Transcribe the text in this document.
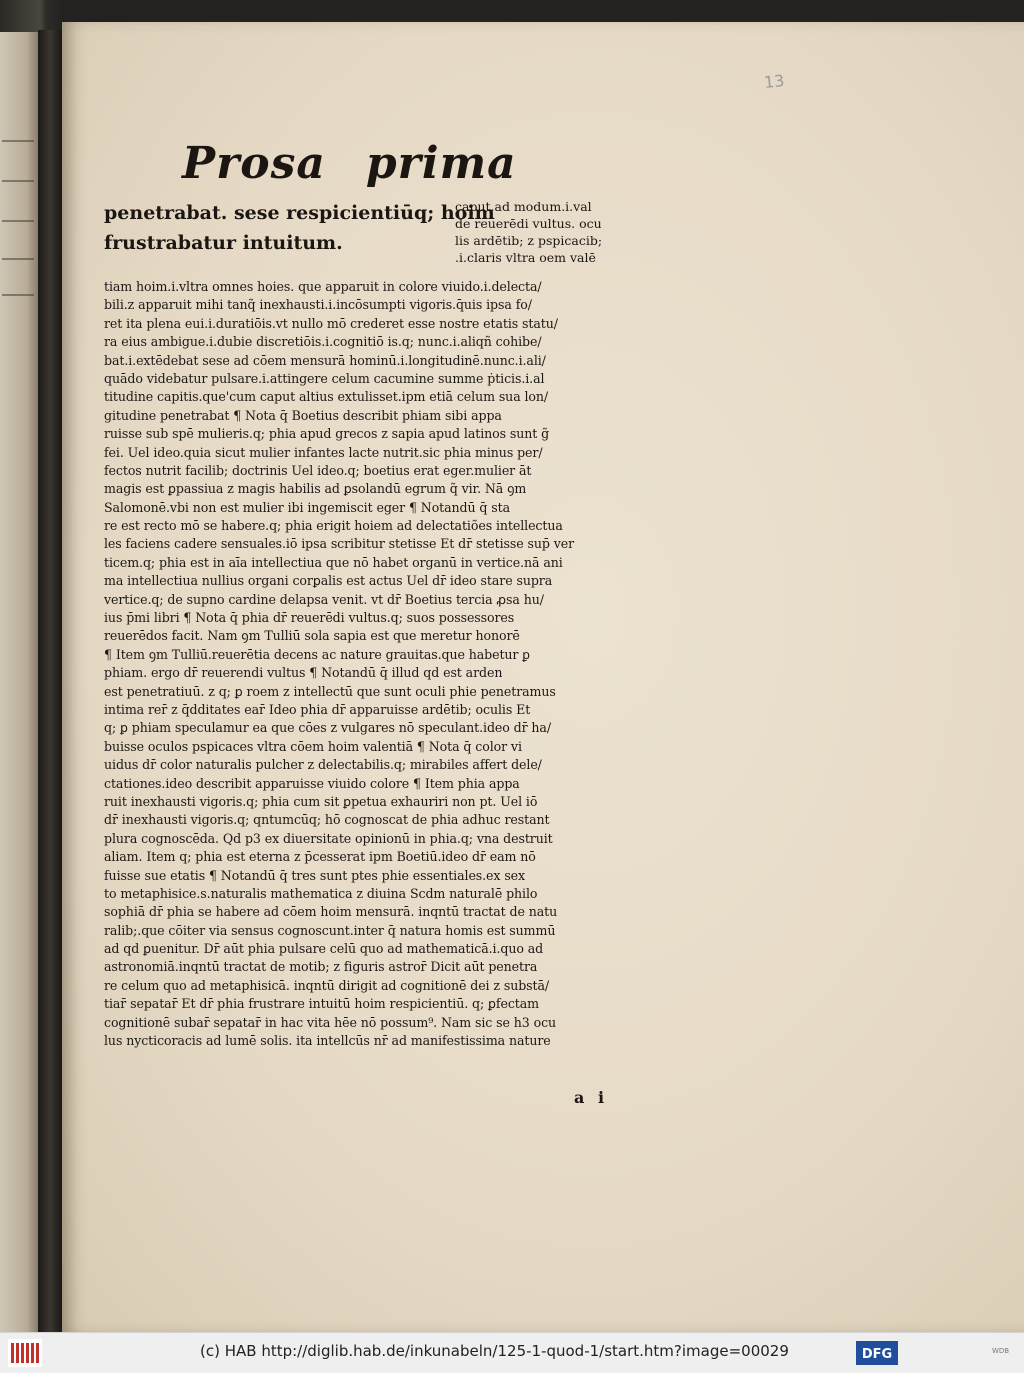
13
Prosa prima
penetrabat. sese respicientiūq; hoim
frustrabatur intuitum.
caput.ad modum.i.val
de reuerēdi vultus. ocu
lis ardētib; z pspicacib;
.i.claris vltra oem valē
tiam hoim.i.vltra omnes hoies. que apparuit in colore viuido.i.delecta/
bili.z apparuit mihi tanq̃ inexhausti.i.incōsumpti vigoris.q̄uis ipsa fo/
ret ita plena eui.i.duratiōis.vt nullo mō crederet esse nostre etatis statu/
ra eius ambigue.i.dubie discretiōis.i.cognitiō is.q; nunc.i.aliqñ cohibe/
bat.i.extēdebat sese ad cōem mensurā hominū.i.longitudinē.nunc.i.ali/
quādo videbatur pulsare.i.attingere celum cacumine summe ṗticis.i.al
titudine capitis.que'cum caput altius extulisset.ipm etiā celum sua lon/
gitudine penetrabat ¶ Nota q̄ Boetius describit phiam sibi appa
ruisse sub spē mulieris.q; phia apud grecos z sapia apud latinos sunt g̃
fei. Uel ideo.quia sicut mulier infantes lacte nutrit.sic phia minus per/
fectos nutrit facilib; doctrinis Uel ideo.q; boetius erat eger.mulier āt
magis est ꝑpassiua z magis habilis ad ꝑsolandū egrum q̃ vir. Nā ꝯm
Salomonē.vbi non est mulier ibi ingemiscit eger ¶ Notandū q̄ sta
re est recto mō se habere.q; phia erigit hoiem ad delectatiões intellectua
les faciens cadere sensuales.iō ipsa scribitur stetisse Et dr̄ stetisse sup̄ ver
ticem.q; phia est in aīa intellectiua que nō habet organū in vertice.nā ani
ma intellectiua nullius organi corꝑalis est actus Uel dr̄ ideo stare supra
vertice.q; de supno cardine delapsa venit. vt dr̄ Boetius tercia ꝓsa hu/
ius p̄mi libri ¶ Nota q̄ phia dr̄ reuerēdi vultus.q; suos possessores
reuerēdos facit. Nam ꝯm Tulliū sola sapia est que meretur honorē
¶ Item ꝯm Tulliū.reuerētia decens ac nature grauitas.que habetur ꝑ
phiam. ergo dr̄ reuerendi vultus ¶ Notandū q̄ illud qd est arden
est penetratiuū. z q; ꝑ roem z intellectū que sunt oculi phie penetramus
intima rer̄ z q̄dditates ear̄ Ideo phia dr̄ apparuisse ardētib; oculis Et
q; ꝑ phiam speculamur ea que cōes z vulgares nō speculant.ideo dr̄ ha/
buisse oculos pspicaces vltra cōem hoim valentiā ¶ Nota q̄ color vi
uidus dr̄ color naturalis pulcher z delectabilis.q; mirabiles affert dele/
ctationes.ideo describit apparuisse viuido colore ¶ Item phia appa
ruit inexhausti vigoris.q; phia cum sit ꝑpetua exhauriri non pt. Uel iō
dr̄ inexhausti vigoris.q; qntumcūq; hō cognoscat de phia adhuc restant
plura cognoscēda. Qd p3 ex diuersitate opinionū in phia.q; vna destruit
aliam. Item q; phia est eterna z p̄cesserat ipm Boetiū.ideo dr̄ eam nō
fuisse sue etatis ¶ Notandū q̄ tres sunt ptes phie essentiales.ex sex
to metaphisice.s.naturalis mathematica z diuina Scdm naturalē philo
sophiā dr̄ phia se habere ad cōem hoim mensurā. inqntū tractat de natu
ralib;.que cōiter via sensus cognoscunt.inter q̄ natura homis est summū
ad qd ꝑuenitur. Dr̄ aūt phia pulsare celū quo ad mathematicā.i.quo ad
astronomiā.inqntū tractat de motib; z figuris astror̄ Dicit aūt penetra
re celum quo ad metaphisicā. inqntū dirigit ad cognitionē dei z substā/
tiar̄ sepatar̄ Et dr̄ phia frustrare intuitū hoim respicientiū. q; ꝑfectam
cognitionē subar̄ sepatar̄ in hac vita hēe nō possum⁹. Nam sic se h3 ocu
lus nycticoracis ad lumē solis. ita intellcūs nr̄ ad manifestissima nature
a i
(c) HAB http://diglib.hab.de/inkunabeln/125-1-quod-1/start.htm?image=00029	DFG	WDB
